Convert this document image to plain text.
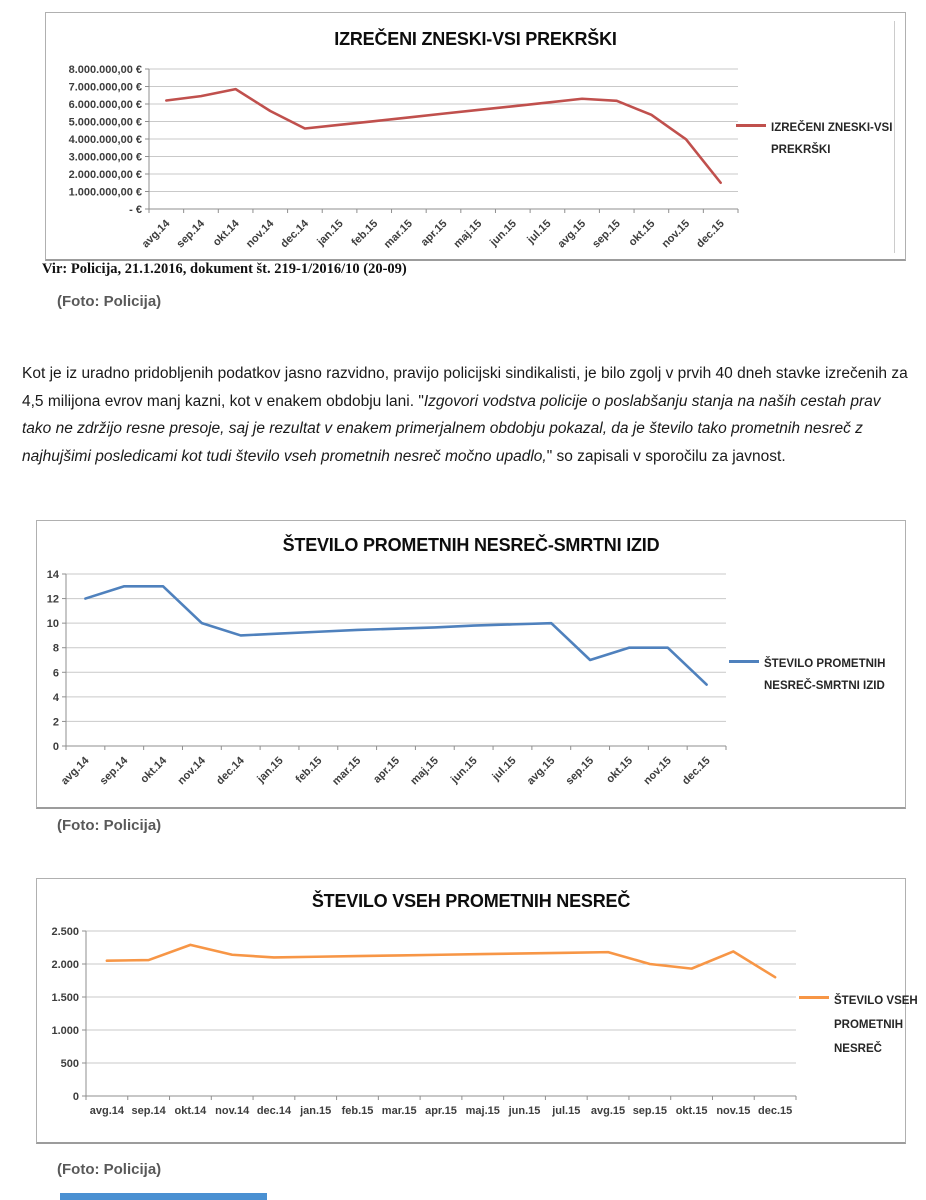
- €
1.000.000,00 €
2.000.000,00 €
3.000.000,00 €
4.000.000,00 €
5.000.000,00 €
6.000.000,00 €
7.000.000,00 €
8.000.000,00 €
avg.14 sep.14 okt.14 nov.14 dec.14 jan.15 feb.15 mar.15 apr.15 maj.15 jun.15 jul.15 avg.15 sep.15 okt.15 nov.15 dec.15
IZREČENI ZNESKI-VSI PREKRŠKI
IZREČENI ZNESKI-VSI PREKRŠKI
Vir: Policija, 21.1.2016, dokument št. 219-1/2016/10 (20-09)
(Foto: Policija)

Kot je iz uradno pridobljenih podatkov jasno razvidno, pravijo policijski sindikalisti, je bilo zgolj v prvih 40 dneh stavke izrečenih za 4,5 milijona evrov manj kazni, kot v enakem obdobju lani. "Izgovori vodstva policije o poslabšanju stanja na naših cestah prav tako ne zdržijo resne presoje, saj je rezultat v enakem primerjalnem obdobju pokazal, da je število tako prometnih nesreč z najhujšimi posledicami kot tudi število vseh prometnih nesreč močno upadlo," so zapisali v sporočilu za javnost.

0
2
4
6
8
10
12
14
avg.14 sep.14 okt.14 nov.14 dec.14 jan.15 feb.15 mar.15 apr.15 maj.15 jun.15 jul.15 avg.15 sep.15 okt.15 nov.15 dec.15
ŠTEVILO PROMETNIH NESREČ-SMRTNI IZID
ŠTEVILO PROMETNIH NESREČ-SMRTNI IZID
(Foto: Policija)
0
500
1.000
1.500
2.000
2.500
avg.14 sep.14 okt.14 nov.14 dec.14 jan.15 feb.15 mar.15 apr.15 maj.15 jun.15 jul.15 avg.15 sep.15 okt.15 nov.15 dec.15
ŠTEVILO VSEH PROMETNIH NESREČ
ŠTEVILO VSEH PROMETNIH NESREČ
(Foto: Policija)
